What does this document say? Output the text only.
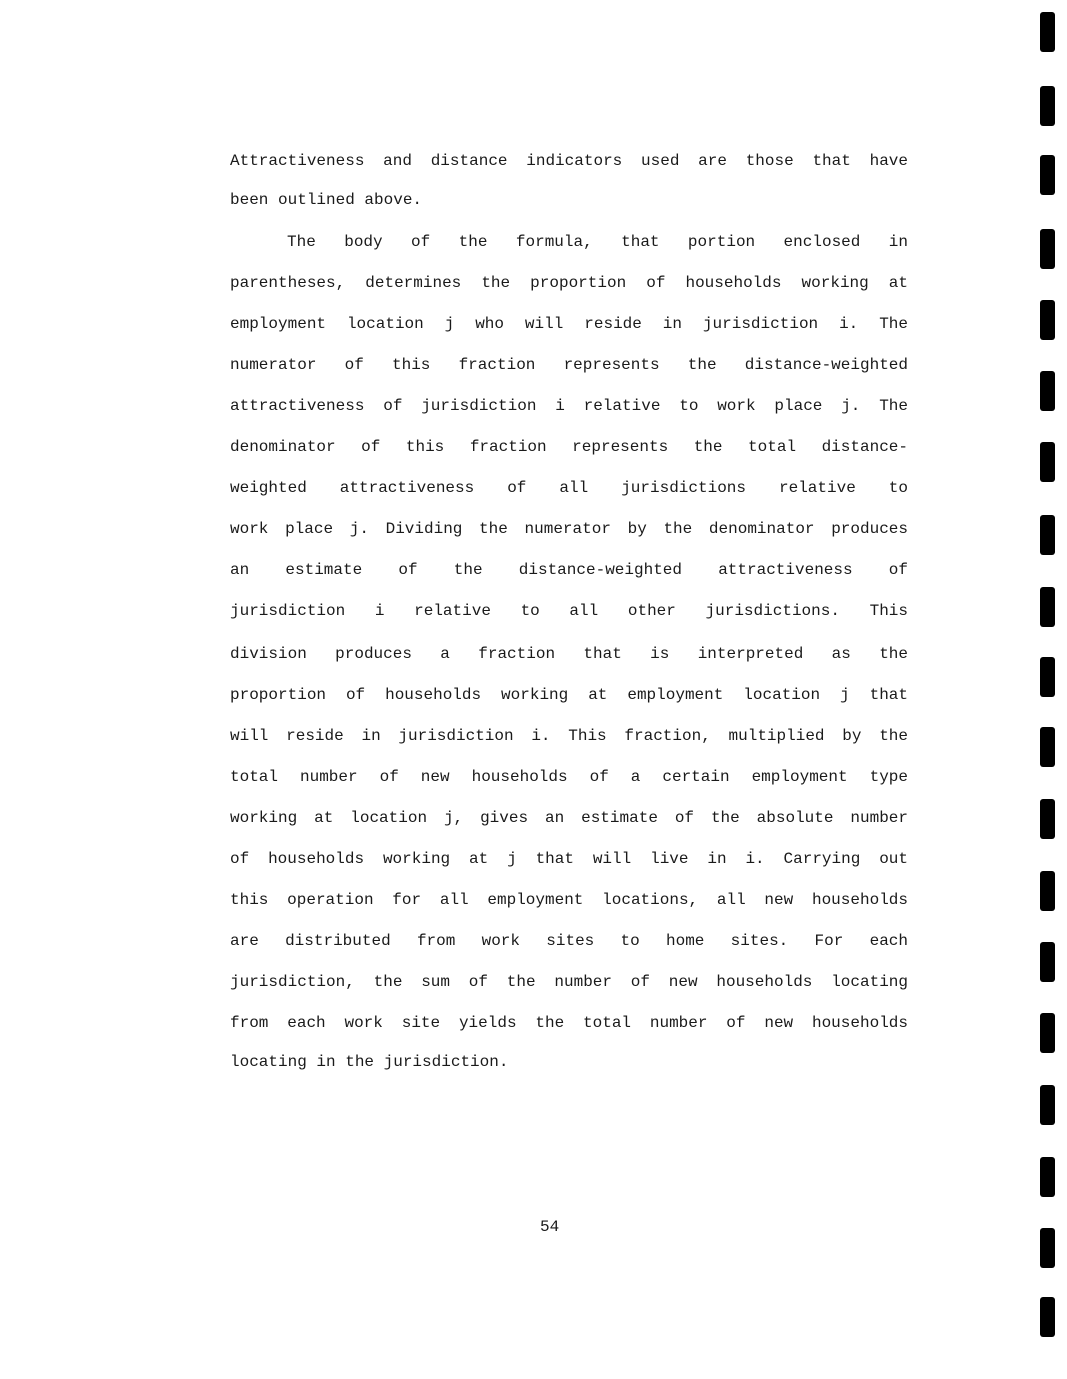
Attractiveness and distance indicators used are those that have
been outlined above.
The body of the formula, that portion enclosed in
parentheses, determines the proportion of households working at
employment location j who will reside in jurisdiction i. The
numerator of this fraction represents the distance-weighted
attractiveness of jurisdiction i relative to work place j. The
denominator of this fraction represents the total distance-
weighted attractiveness of all jurisdictions relative to
work place j. Dividing the numerator by the denominator produces
an estimate of the distance-weighted attractiveness of
jurisdiction i relative to all other jurisdictions. This
division produces a fraction that is interpreted as the
proportion of households working at employment location j that
will reside in jurisdiction i. This fraction, multiplied by the
total number of new households of a certain employment type
working at location j, gives an estimate of the absolute number
of households working at j that will live in i. Carrying out
this operation for all employment locations, all new households
are distributed from work sites to home sites. For each
jurisdiction, the sum of the number of new households locating
from each work site yields the total number of new households
locating in the jurisdiction.
54
